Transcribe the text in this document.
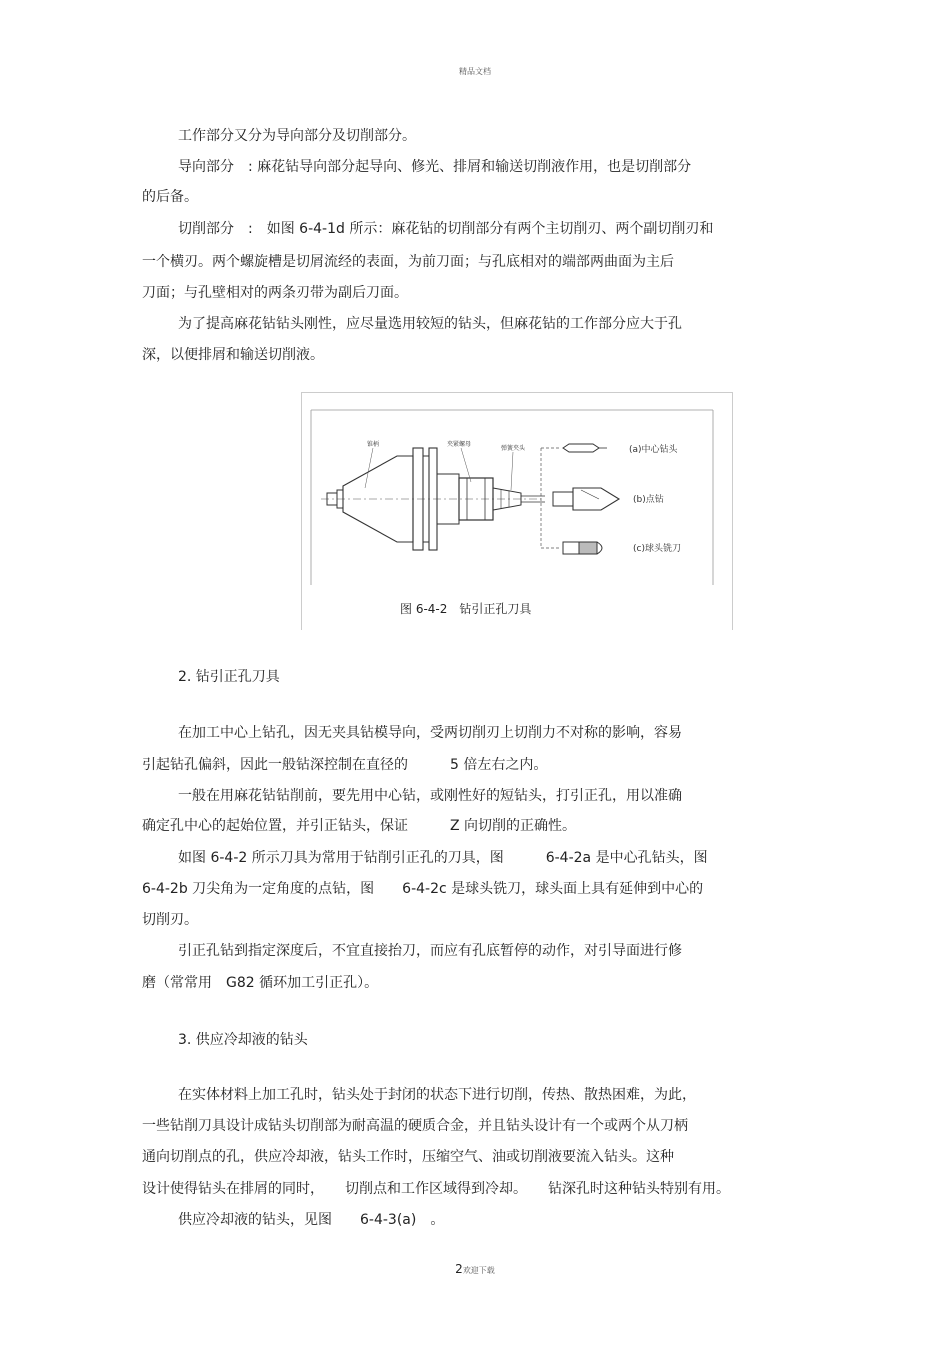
精品文档
工作部分又分为导向部分及切削部分。
导向部分　: 麻花钻导向部分起导向、修光、排屑和输送切削液作用，也是切削部分
的后备。
切削部分　:　如图 6-4-1d 所示：麻花钻的切削部分有两个主切削刃、两个副切削刃和
一个横刃。两个螺旋槽是切屑流经的表面，为前刀面；与孔底相对的端部两曲面为主后
刀面；与孔壁相对的两条刃带为副后刀面。
为了提高麻花钻钻头刚性，应尽量选用较短的钻头，但麻花钻的工作部分应大于孔
深，以便排屑和输送切削液。
锥柄	夹紧螺母
弹簧夹头	(a)中心钻头
(b)点钻
(c)球头铣刀
图 6-4-2　钻引正孔刀具
2. 钻引正孔刀具
在加工中心上钻孔，因无夹具钻模导向，受两切削刃上切削力不对称的影响，容易
引起钻孔偏斜，因此一般钻深控制在直径的　　　5 倍左右之内。
一般在用麻花钻钻削前，要先用中心钻，或刚性好的短钻头，打引正孔，用以准确
确定孔中心的起始位置，并引正钻头，保证　　　Z 向切削的正确性。
如图 6-4-2 所示刀具为常用于钻削引正孔的刀具，图　　　6-4-2a 是中心孔钻头，图
6-4-2b 刀尖角为一定角度的点钻，图　　6-4-2c 是球头铣刀，球头面上具有延伸到中心的
切削刃。
引正孔钻到指定深度后，不宜直接抬刀，而应有孔底暂停的动作，对引导面进行修
磨（常常用　G82 循环加工引正孔）。
3. 供应冷却液的钻头
在实体材料上加工孔时，钻头处于封闭的状态下进行切削，传热、散热困难，为此，
一些钻削刀具设计成钻头切削部为耐高温的硬质合金，并且钻头设计有一个或两个从刀柄
通向切削点的孔，供应冷却液，钻头工作时，压缩空气、油或切削液要流入钻头。这种
设计使得钻头在排屑的同时，　　切削点和工作区域得到冷却。　　钻深孔时这种钻头特别有用。
供应冷却液的钻头，见图　　6-4-3(a)　。
2欢迎下载
